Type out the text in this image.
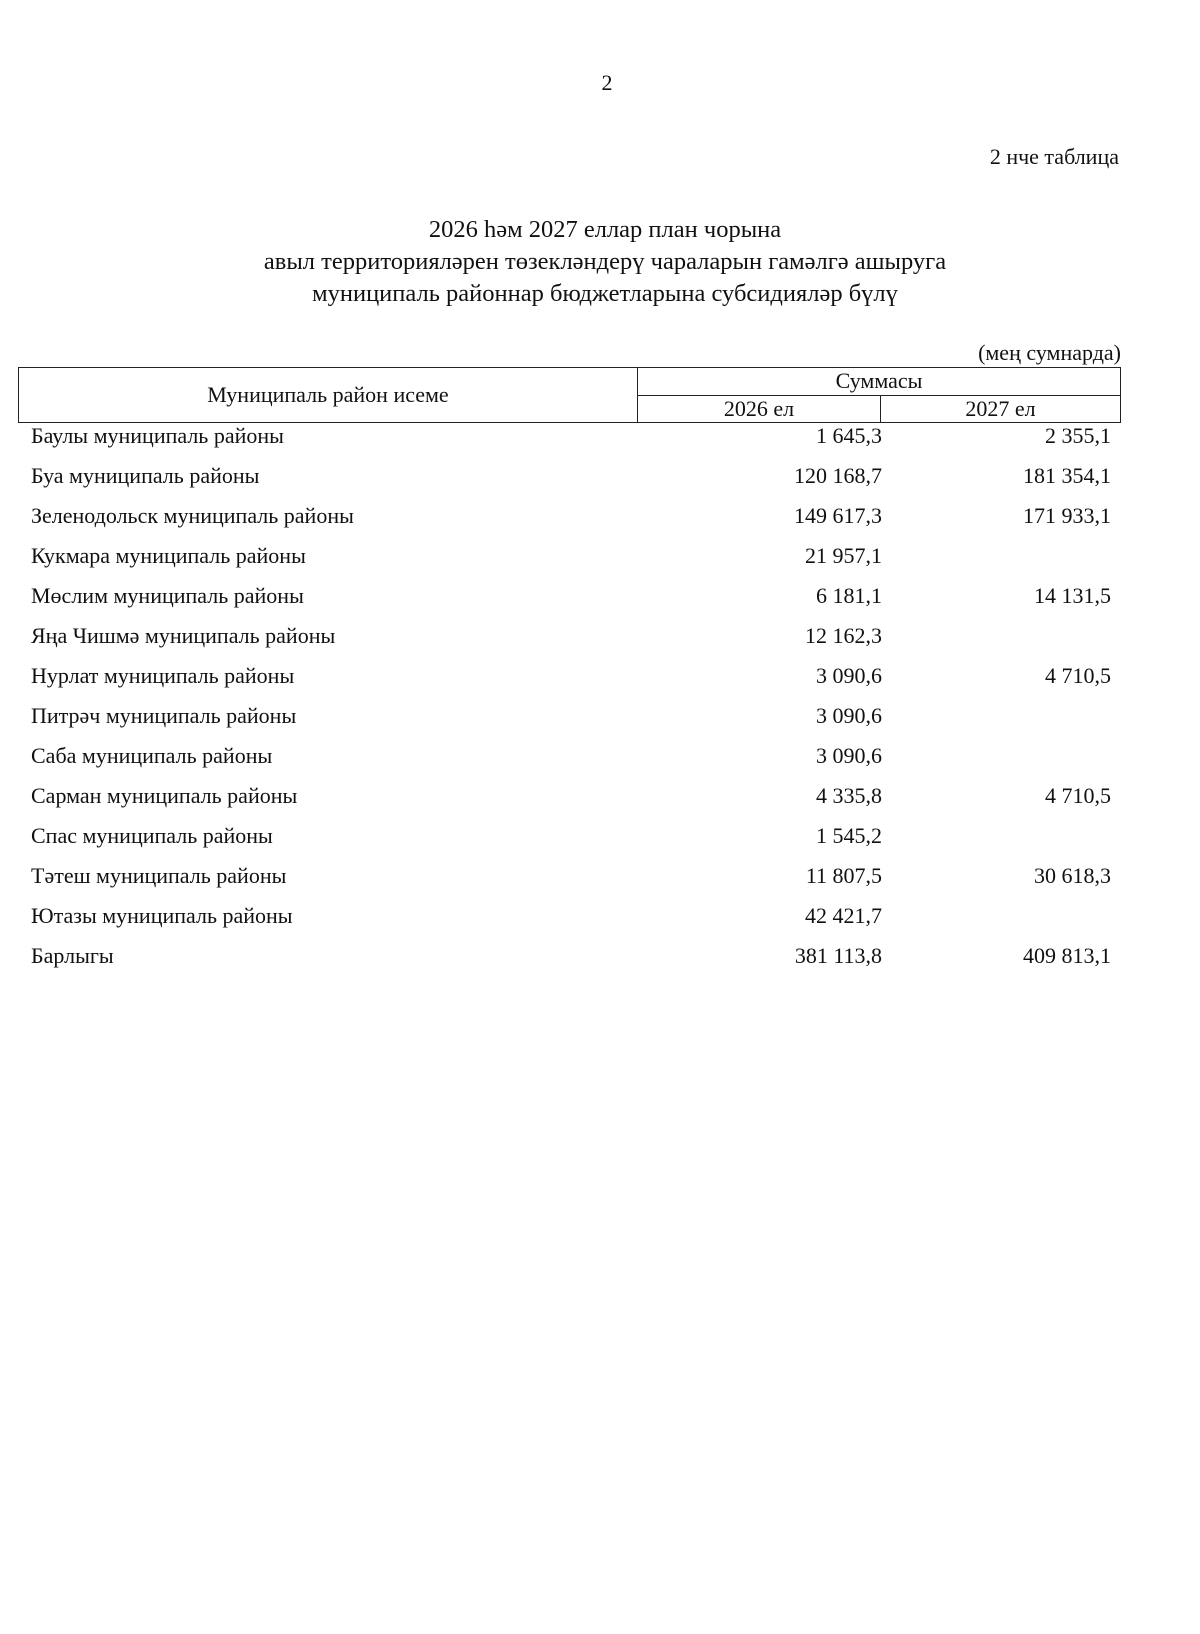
2
2 нче таблица
2026 һәм 2027 еллар план чорына
авыл территорияләрен төзекләндерү чараларын гамәлгә ашыруга
муниципаль районнар бюджетларына субсидияләр бүлү
(мең сумнарда)
Муниципаль район исеме	Суммасы	
	2026 ел	2027 ел
Баулы муниципаль районы	1 645,3	2 355,1
Буа муниципаль районы	120 168,7	181 354,1
Зеленодольск муниципаль районы	149 617,3	171 933,1
Кукмара муниципаль районы	21 957,1
Мөслим муниципаль районы	6 181,1	14 131,5
Яңа Чишмә муниципаль районы	12 162,3
Нурлат муниципаль районы	3 090,6	4 710,5
Питрәч муниципаль районы	3 090,6
Саба муниципаль районы	3 090,6
Сарман муниципаль районы	4 335,8	4 710,5
Спас муниципаль районы	1 545,2
Тәтеш муниципаль районы	11 807,5	30 618,3
Ютазы муниципаль районы	42 421,7
Барлыгы	381 113,8	409 813,1
